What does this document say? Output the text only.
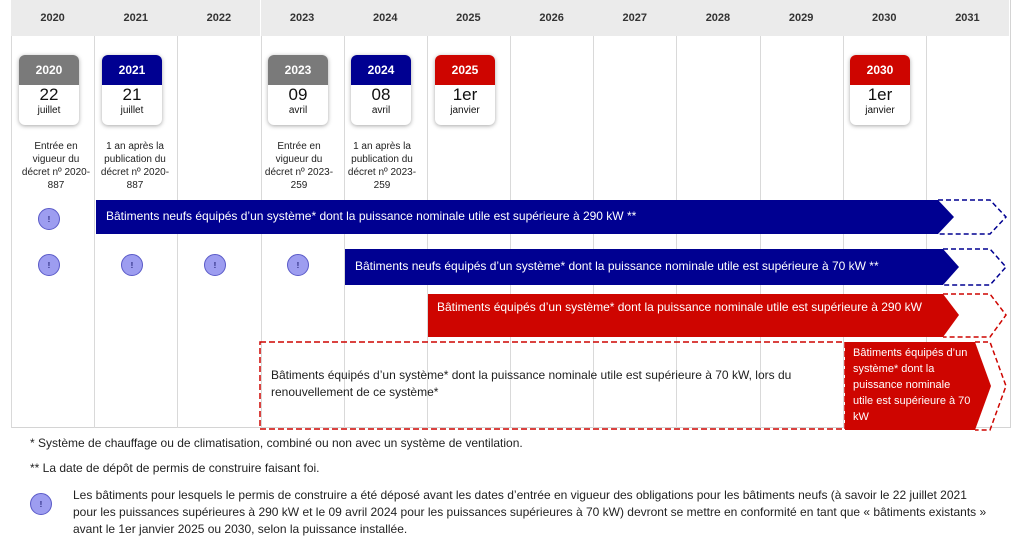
2020	2021	2022	2023	2024	2025	2026	2027	2028	2029	2030	2031
2020
22
juillet
2021
21
juillet
2023
09
avril
2024
08
avril
2025
1er
janvier
2030
1er
janvier
Entrée en vigueur du décret nº 2020-887
1 an après la publication du décret nº 2020-887
Entrée en vigueur du décret nº 2023-259
1 an après la publication du décret nº 2023-259
!
!	!	!	!
Bâtiments neufs équipés d’un système* dont la puissance nominale utile est supérieure à 290 kW **
Bâtiments neufs équipés d’un système* dont la puissance nominale utile est supérieure à 70 kW **
Bâtiments équipés d’un système* dont la puissance nominale utile est supérieure à 290 kW
Bâtiments équipés d’un système* dont la puissance nominale utile est supérieure à 70 kW, lors du renouvellement de ce système*
Bâtiments équipés d’un système* dont la puissance nominale utile est supérieure à 70 kW
* Système de chauffage ou de climatisation, combiné ou non avec un système de ventilation.
** La date de dépôt de permis de construire faisant foi.
!
Les bâtiments pour lesquels le permis de construire a été déposé avant les dates d’entrée en vigueur des obligations pour les bâtiments neufs (à savoir le 22 juillet 2021 pour les puissances supérieures à 290 kW et le 09 avril 2024 pour les puissances supérieures à 70 kW) devront se mettre en conformité en tant que « bâtiments existants » avant le 1er janvier 2025 ou 2030, selon la puissance installée.
